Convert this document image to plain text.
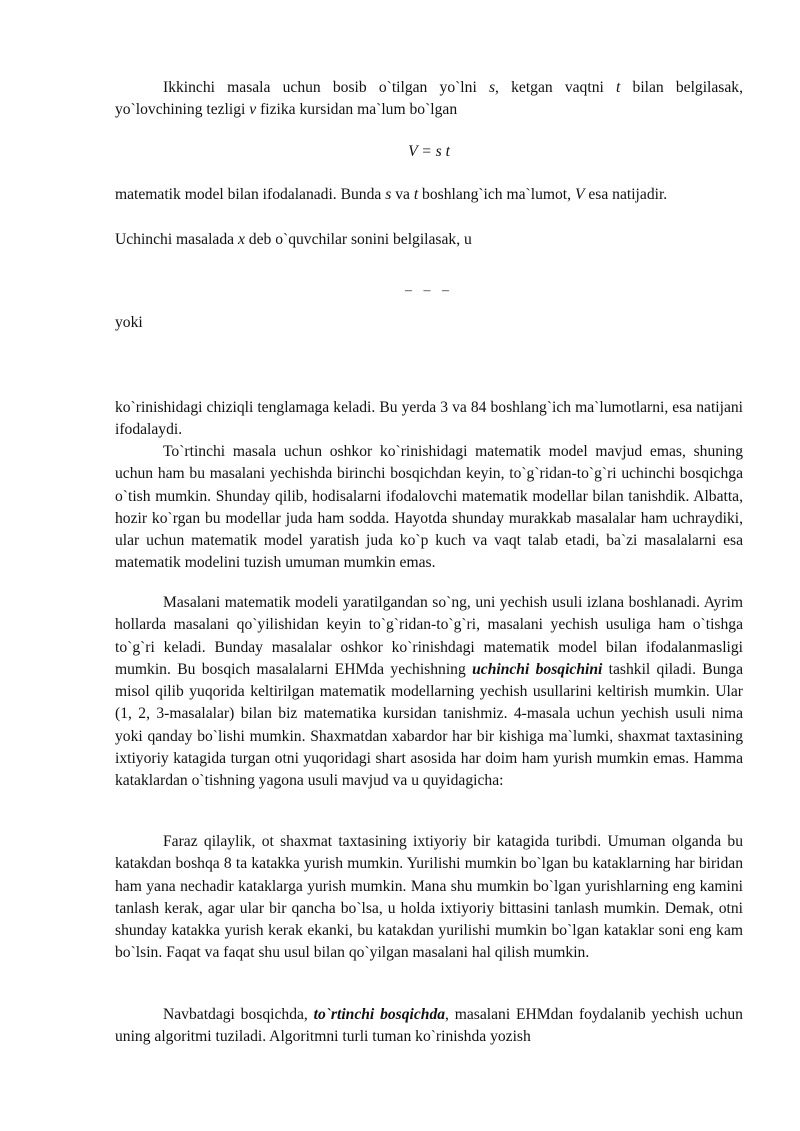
Ikkinchi masala uchun bosib o`tilgan yo`lni s, ketgan vaqtni t bilan belgilasak, yo`lovchining tezligi v fizika kursidan ma`lum bo`lgan

V = s t

matematik model bilan ifodalanadi. Bunda s va t boshlang`ich ma`lumot, V esa natijadir.

Uchinchi masalada x deb o`quvchilar sonini belgilasak, u

– – –

yoki

ko`rinishidagi chiziqli tenglamaga keladi. Bu yerda 3 va 84 boshlang`ich ma`lumotlarni, esa natijani ifodalaydi.

To`rtinchi masala uchun oshkor ko`rinishidagi matematik model mavjud emas, shuning uchun ham bu masalani yechishda birinchi bosqichdan keyin, to`g`ridan-to`g`ri uchinchi bosqichga o`tish mumkin. Shunday qilib, hodisalarni ifodalovchi matematik modellar bilan tanishdik. Albatta, hozir ko`rgan bu modellar juda ham sodda. Hayotda shunday murakkab masalalar ham uchraydiki, ular uchun matematik model yaratish juda ko`p kuch va vaqt talab etadi, ba`zi masalalarni esa matematik modelini tuzish umuman mumkin emas.

Masalani matematik modeli yaratilgandan so`ng, uni yechish usuli izlana boshlanadi. Ayrim hollarda masalani qo`yilishidan keyin to`g`ridan-to`g`ri, masalani yechish usuliga ham o`tishga to`g`ri keladi. Bunday masalalar oshkor ko`rinishdagi matematik model bilan ifodalanmasligi mumkin. Bu bosqich masalalarni EHMda yechishning uchinchi bosqichini tashkil qiladi. Bunga misol qilib yuqorida keltirilgan matematik modellarning yechish usullarini keltirish mumkin. Ular (1, 2, 3-masalalar) bilan biz matematika kursidan tanishmiz. 4-masala uchun yechish usuli nima yoki qanday bo`lishi mumkin. Shaxmatdan xabardor har bir kishiga ma`lumki, shaxmat taxtasining ixtiyoriy katagida turgan otni yuqoridagi shart asosida har doim ham yurish mumkin emas. Hamma kataklardan o`tishning yagona usuli mavjud va u quyidagicha:

Faraz qilaylik, ot shaxmat taxtasining ixtiyoriy bir katagida turibdi. Umuman olganda bu katakdan boshqa 8 ta katakka yurish mumkin. Yurilishi mumkin bo`lgan bu kataklarning har biridan ham yana nechadir kataklarga yurish mumkin. Mana shu mumkin bo`lgan yurishlarning eng kamini tanlash kerak, agar ular bir qancha bo`lsa, u holda ixtiyoriy bittasini tanlash mumkin. Demak, otni shunday katakka yurish kerak ekanki, bu katakdan yurilishi mumkin bo`lgan kataklar soni eng kam bo`lsin. Faqat va faqat shu usul bilan qo`yilgan masalani hal qilish mumkin.

Navbatdagi bosqichda, to`rtinchi bosqichda, masalani EHMdan foydalanib yechish uchun uning algoritmi tuziladi. Algoritmni turli tuman ko`rinishda yozish
